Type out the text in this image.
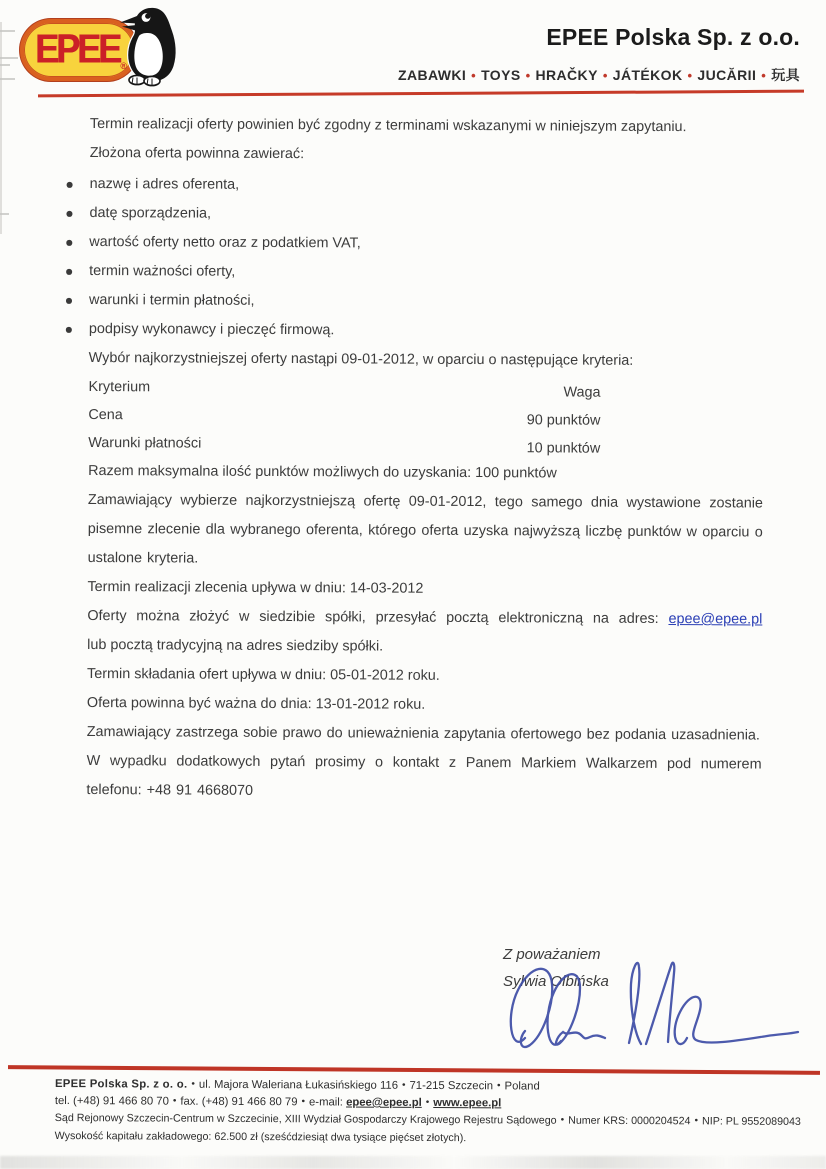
EPEE ®
EPEE Polska Sp. z o.o.
ZABAWKI • TOYS • HRAČKY • JÁTÉKOK • JUCĂRII • 玩具

Termin realizacji oferty powinien być zgodny z terminami wskazanymi w niniejszym zapytaniu.

Złożona oferta powinna zawierać:

nazwę i adres oferenta,
datę sporządzenia,
wartość oferty netto oraz z podatkiem VAT,
termin ważności oferty,
warunki i termin płatności,
podpisy wykonawcy i pieczęć firmową.

Wybór najkorzystniejszej oferty nastąpi 09-01-2012, w oparciu o następujące kryteria:

Kryterium	Waga
Cena	90 punktów
Warunki płatności	10 punktów

Razem maksymalna ilość punktów możliwych do uzyskania: 100 punktów

Zamawiający wybierze najkorzystniejszą ofertę 09-01-2012, tego samego dnia wystawione zostanie pisemne zlecenie dla wybranego oferenta, którego oferta uzyska najwyższą liczbę punktów w oparciu o ustalone kryteria.

Termin realizacji zlecenia upływa w dniu: 14-03-2012

Oferty można złożyć w siedzibie spółki, przesyłać pocztą elektroniczną na adres: epee@epee.pl

lub pocztą tradycyjną na adres siedziby spółki.

Termin składania ofert upływa w dniu: 05-01-2012 roku.

Oferta powinna być ważna do dnia: 13-01-2012 roku.

Zamawiający zastrzega sobie prawo do unieważnienia zapytania ofertowego bez podania uzasadnienia.

W wypadku dodatkowych pytań prosimy o kontakt z Panem Markiem Walkarzem pod numerem telefonu: +48 91 4668070

Z poważaniem
Sylwia Olbińska
EPEE Polska Sp. z o. o. • ul. Majora Waleriana Łukasińskiego 116 • 71-215 Szczecin • Poland
tel. (+48) 91 466 80 70 • fax. (+48) 91 466 80 79 • e-mail: epee@epee.pl • www.epee.pl
Sąd Rejonowy Szczecin-Centrum w Szczecinie, XIII Wydział Gospodarczy Krajowego Rejestru Sądowego • Numer KRS: 0000204524 • NIP: PL 9552089043
Wysokość kapitału zakładowego: 62.500 zł (sześćdziesiąt dwa tysiące pięćset złotych).
